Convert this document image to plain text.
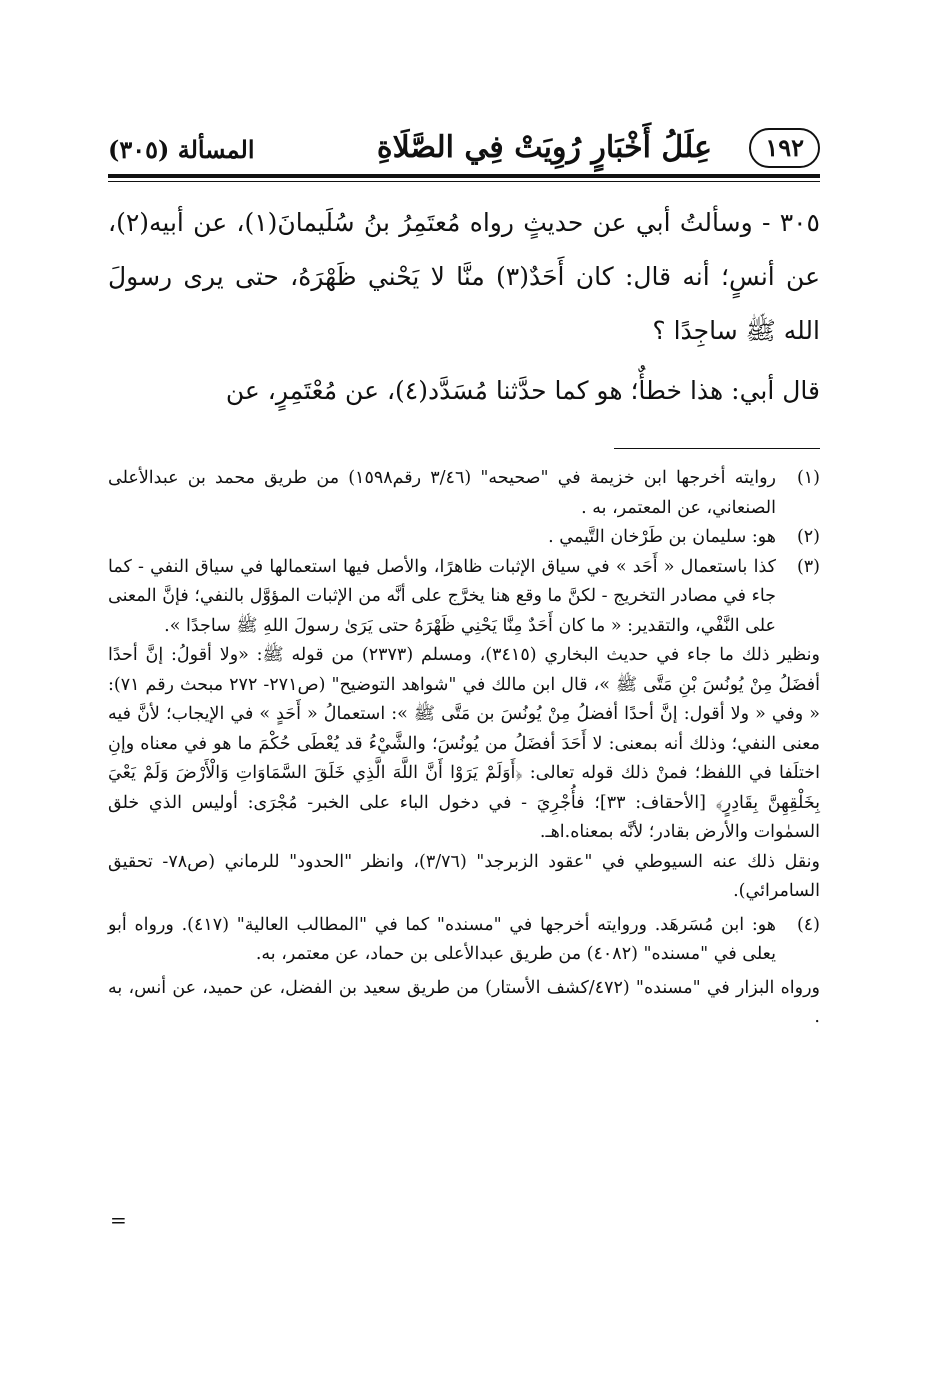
١٩٢
عِلَلُ أَخْبَارٍ رُوِيَتْ فِي الصَّلَاةِ
المسألة (٣٠٥)

٣٠٥ - وسألتُ أبي عن حديثٍ رواه مُعتَمِرُ بنُ سُلَيمانَ(١)، عن أبيه(٢)، عن أنسٍ؛ أنه قال: كان أَحَدٌ(٣) منَّا لا يَحْني ظَهْرَهُ، حتى يرى رسولَ الله ﷺ ساجِدًا ؟

قال أبي: هذا خطأٌ؛ هو كما حدَّثنا مُسَدَّد(٤)، عن مُعْتَمِرٍ، عن

(١)
روايته أخرجها ابن خزيمة في "صحيحه" (٣/٤٦ رقم١٥٩٨) من طريق محمد بن عبدالأعلى الصنعاني، عن المعتمر، به .
(٢)
هو: سليمان بن طَرْخان التَّيمي .
(٣)
كذا باستعمال « أَحَد » في سياق الإثبات ظاهرًا، والأصل فيها استعمالها في سياق النفي - كما جاء في مصادر التخريج - لكنَّ ما وقع هنا يخرَّج على أنَّه من الإثبات المؤوَّل بالنفي؛ فإنَّ المعنى على النَّفْي، والتقدير: « ما كان أَحَدٌ مِنَّا يَحْنِي ظَهْرَهُ حتى يَرَىٰ رسولَ اللهِ ﷺ ساجدًا ».

ونظير ذلك ما جاء في حديث البخاري (٣٤١٥)، ومسلم (٢٣٧٣) من قوله ﷺ: «ولا أقولُ: إنَّ أحدًا أفضَلُ مِنْ يُونُسَ بْنِ مَتَّى ﷺ »، قال ابن مالك في "شواهد التوضيح" (ص٢٧١- ٢٧٢ مبحث رقم ٧١): « وفي « ولا أقول: إنَّ أحدًا أفضلُ مِنْ يُونُسَ بن مَتَّى ﷺ »: استعمالُ « أَحَدٍ » في الإيجاب؛ لأنَّ فيه معنى النفي؛ وذلك أنه بمعنى: لا أَحَدَ أفضَلُ من يُونُسَ؛ والشَّيْءُ قد يُعْطَى حُكْمَ ما هو في معناه وإنِ اختلَفا في اللفظ؛ فمنْ ذلك قوله تعالى: ﴿أَوَلَمْ يَرَوْا أَنَّ اللَّهَ الَّذِي خَلَقَ السَّمَاوَاتِ وَالْأَرْضَ وَلَمْ يَعْيَ بِخَلْقِهِنَّ بِقَادِرٍ﴾ [الأحقاف: ٣٣]؛ فأُجْرِيَ - في دخول الباء على الخبر- مُجْرَى: أوليس الذي خلق السمٰوات والأرض بقادر؛ لأنَّه بمعناه.اهـ.

ونقل ذلك عنه السيوطي في "عقود الزبرجد" (٣/٧٦)، وانظر "الحدود" للرماني (ص٧٨- تحقيق السامرائي).

(٤)
هو: ابن مُسَرهَد. وروايته أخرجها في "مسنده" كما في "المطالب العالية" (٤١٧). ورواه أبو يعلى في "مسنده" (٤٠٨٢) من طريق عبدالأعلى بن حماد، عن معتمر، به.

ورواه البزار في "مسنده" (٤٧٢/كشف الأستار) من طريق سعيد بن الفضل، عن حميد، عن أنس، به .

=
